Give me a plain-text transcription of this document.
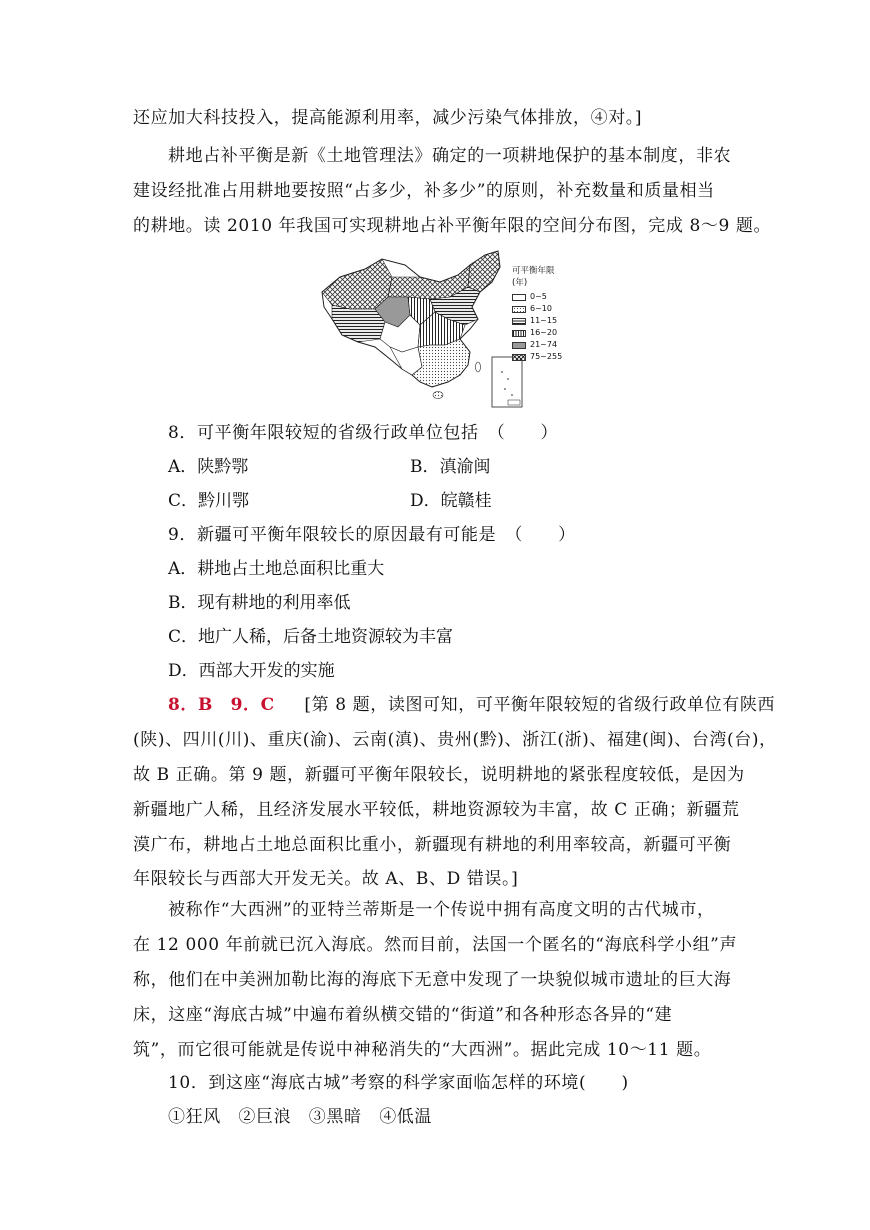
还应加大科技投入，提高能源利用率，减少污染气体排放，④对。]
耕地占补平衡是新《土地管理法》确定的一项耕地保护的基本制度，非农
建设经批准占用耕地要按照“占多少，补多少”的原则，补充数量和质量相当
的耕地。读 2010 年我国可实现耕地占补平衡年限的空间分布图，完成 8～9 题。
可平衡年限(年)
0~5
6~10
11~15
16~20
21~74
75~255
8．可平衡年限较短的省级行政单位包括　（　　）
A．陕黔鄂	B．滇渝闽
C．黔川鄂	D．皖赣桂
9．新疆可平衡年限较长的原因最有可能是　（　　）
A．耕地占土地总面积比重大
B．现有耕地的利用率低
C．地广人稀，后备土地资源较为丰富
D．西部大开发的实施
8．B　9．C 　 [第 8 题，读图可知，可平衡年限较短的省级行政单位有陕西
(陕)、四川(川)、重庆(渝)、云南(滇)、贵州(黔)、浙江(浙)、福建(闽)、台湾(台)，
故 B 正确。第 9 题，新疆可平衡年限较长，说明耕地的紧张程度较低，是因为
新疆地广人稀，且经济发展水平较低，耕地资源较为丰富，故 C 正确；新疆荒
漠广布，耕地占土地总面积比重小，新疆现有耕地的利用率较高，新疆可平衡
年限较长与西部大开发无关。故 A、B、D 错误。]
被称作“大西洲”的亚特兰蒂斯是一个传说中拥有高度文明的古代城市，
在 12 000 年前就已沉入海底。然而目前，法国一个匿名的“海底科学小组”声
称，他们在中美洲加勒比海的海底下无意中发现了一块貌似城市遗址的巨大海
床，这座“海底古城”中遍布着纵横交错的“街道”和各种形态各异的“建
筑”，而它很可能就是传说中神秘消失的“大西洲”。据此完成 10～11 题。
10．到这座“海底古城”考察的科学家面临怎样的环境(　　)
①狂风　②巨浪　③黑暗　④低温
